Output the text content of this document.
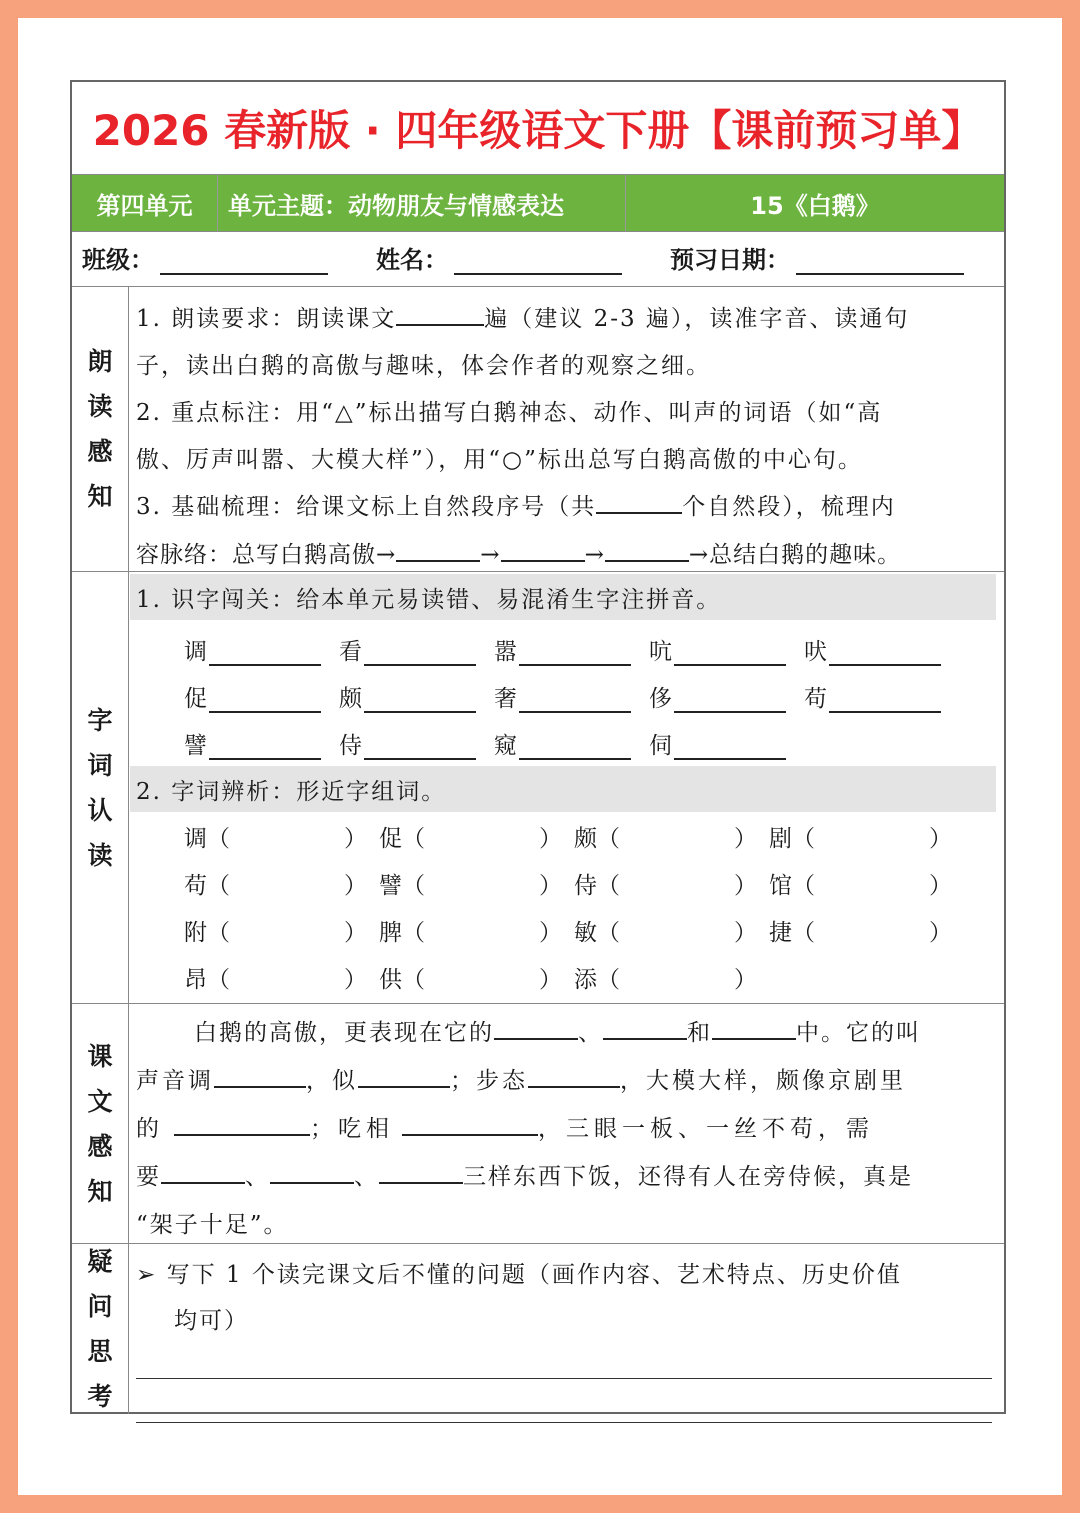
2026 春新版 · 四年级语文下册【课前预习单】
第四单元	单元主题：动物朋友与情感表达	15《白鹅》
班级：	姓名：	预习日期：
朗
读
感
知
1. 朗读要求：朗读课文	遍（建议 2-3 遍），读准字音、读通句
子，读出白鹅的高傲与趣味，体会作者的观察之细。
2. 重点标注：用“△”标出描写白鹅神态、动作、叫声的词语（如“高
傲、厉声叫嚣、大模大样”），用“○”标出总写白鹅高傲的中心句。
3. 基础梳理：给课文标上自然段序号（共	个自然段），梳理内
容脉络：总写白鹅高傲→	→	→	→总结白鹅的趣味。
字
词
认
读
1. 识字闯关：给本单元易读错、易混淆生字注拼音。
调	看	嚣	吭	吠
促	颇	奢	侈	苟
譬	侍	窥	伺
2. 字词辨析：形近字组词。
调（	） 促（	） 颇（	） 剧（	）
苟（	） 譬（	） 侍（	） 馆（	）
附（	） 脾（	） 敏（	） 捷（	）
昂（	） 供（	） 添（	）
课
文
感
知
白鹅的高傲，更表现在它的	、	和	中。它的叫
声音调	，似	；步态	，大模大样，颇像京剧里
的	；吃相	，三眼一板、一丝不苟，需
要	、	、	三样东西下饭，还得有人在旁侍候，真是
“架子十足”。
疑
问
思
考
➢ 写下 1 个读完课文后不懂的问题（画作内容、艺术特点、历史价值
均可）
